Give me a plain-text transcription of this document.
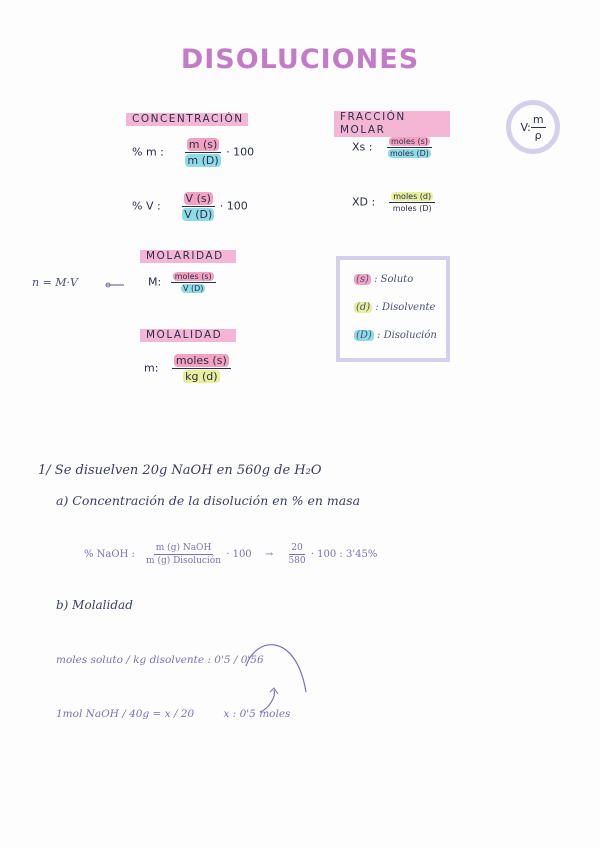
DISOLUCIONES
V: $\frac{m}{\rho}$
CONCENTRACIÓN
% m : $\frac{m (s)}{m (D)} \cdot 100$
% V : $\frac{V (s)}{V (D)} \cdot 100$
FRACCIÓN MOLAR
Xs : $\frac{\text{moles (s)}}{\text{moles (D)}}$
XD : $\frac{\text{moles (d)}}{\text{moles (D)}}$
MOLARIDAD
n = M·V	M: $\frac{\text{moles (s)}}{V (D)}$
MOLALIDAD
m: $\frac{\text{moles (s)}}{kg (d)}$
(s) : Soluto
(d) : Disolvente
(D) : Disolución
1/ Se disuelven 20g NaOH en 560g de H₂O
a) Concentración de la disolución en % en masa
% NaOH : $\frac{\text{m (g) NaOH}}{\text{m (g) Disolución}} \cdot 100 \to \frac{20}{580} \cdot 100$ : 3'45%
b) Molalidad
moles soluto / kg disolvente : 0'5 / 0'56
1mol NaOH / 40g = x / 20	x : 0'5 moles
